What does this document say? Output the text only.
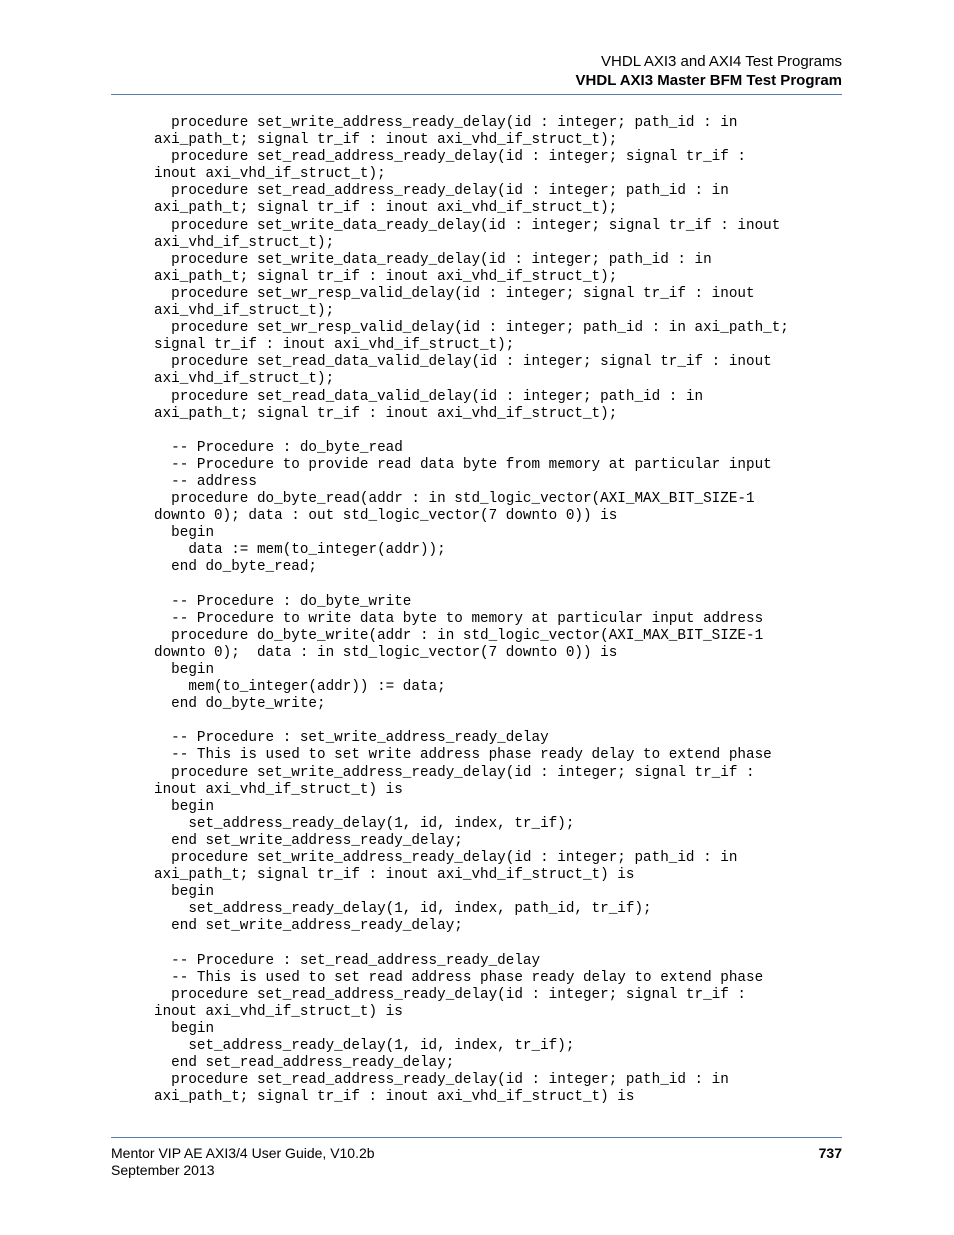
VHDL AXI3 and AXI4 Test Programs
VHDL AXI3 Master BFM Test Program
procedure set_write_address_ready_delay(id : integer; path_id : in
axi_path_t; signal tr_if : inout axi_vhd_if_struct_t);
procedure set_read_address_ready_delay(id : integer; signal tr_if :
inout axi_vhd_if_struct_t);
procedure set_read_address_ready_delay(id : integer; path_id : in
axi_path_t; signal tr_if : inout axi_vhd_if_struct_t);
procedure set_write_data_ready_delay(id : integer; signal tr_if : inout
axi_vhd_if_struct_t);
procedure set_write_data_ready_delay(id : integer; path_id : in
axi_path_t; signal tr_if : inout axi_vhd_if_struct_t);
procedure set_wr_resp_valid_delay(id : integer; signal tr_if : inout
axi_vhd_if_struct_t);
procedure set_wr_resp_valid_delay(id : integer; path_id : in axi_path_t;
signal tr_if : inout axi_vhd_if_struct_t);
procedure set_read_data_valid_delay(id : integer; signal tr_if : inout
axi_vhd_if_struct_t);
procedure set_read_data_valid_delay(id : integer; path_id : in
axi_path_t; signal tr_if : inout axi_vhd_if_struct_t);

-- Procedure : do_byte_read
-- Procedure to provide read data byte from memory at particular input
-- address
procedure do_byte_read(addr : in std_logic_vector(AXI_MAX_BIT_SIZE-1
downto 0); data : out std_logic_vector(7 downto 0)) is
begin
data := mem(to_integer(addr));
end do_byte_read;

-- Procedure : do_byte_write
-- Procedure to write data byte to memory at particular input address
procedure do_byte_write(addr : in std_logic_vector(AXI_MAX_BIT_SIZE-1
downto 0);  data : in std_logic_vector(7 downto 0)) is
begin
mem(to_integer(addr)) := data;
end do_byte_write;

-- Procedure : set_write_address_ready_delay
-- This is used to set write address phase ready delay to extend phase
procedure set_write_address_ready_delay(id : integer; signal tr_if :
inout axi_vhd_if_struct_t) is
begin
set_address_ready_delay(1, id, index, tr_if);
end set_write_address_ready_delay;
procedure set_write_address_ready_delay(id : integer; path_id : in
axi_path_t; signal tr_if : inout axi_vhd_if_struct_t) is
begin
set_address_ready_delay(1, id, index, path_id, tr_if);
end set_write_address_ready_delay;

-- Procedure : set_read_address_ready_delay
-- This is used to set read address phase ready delay to extend phase
procedure set_read_address_ready_delay(id : integer; signal tr_if :
inout axi_vhd_if_struct_t) is
begin
set_address_ready_delay(1, id, index, tr_if);
end set_read_address_ready_delay;
procedure set_read_address_ready_delay(id : integer; path_id : in
axi_path_t; signal tr_if : inout axi_vhd_if_struct_t) is
Mentor VIP AE AXI3/4 User Guide, V10.2b
September 2013
737
